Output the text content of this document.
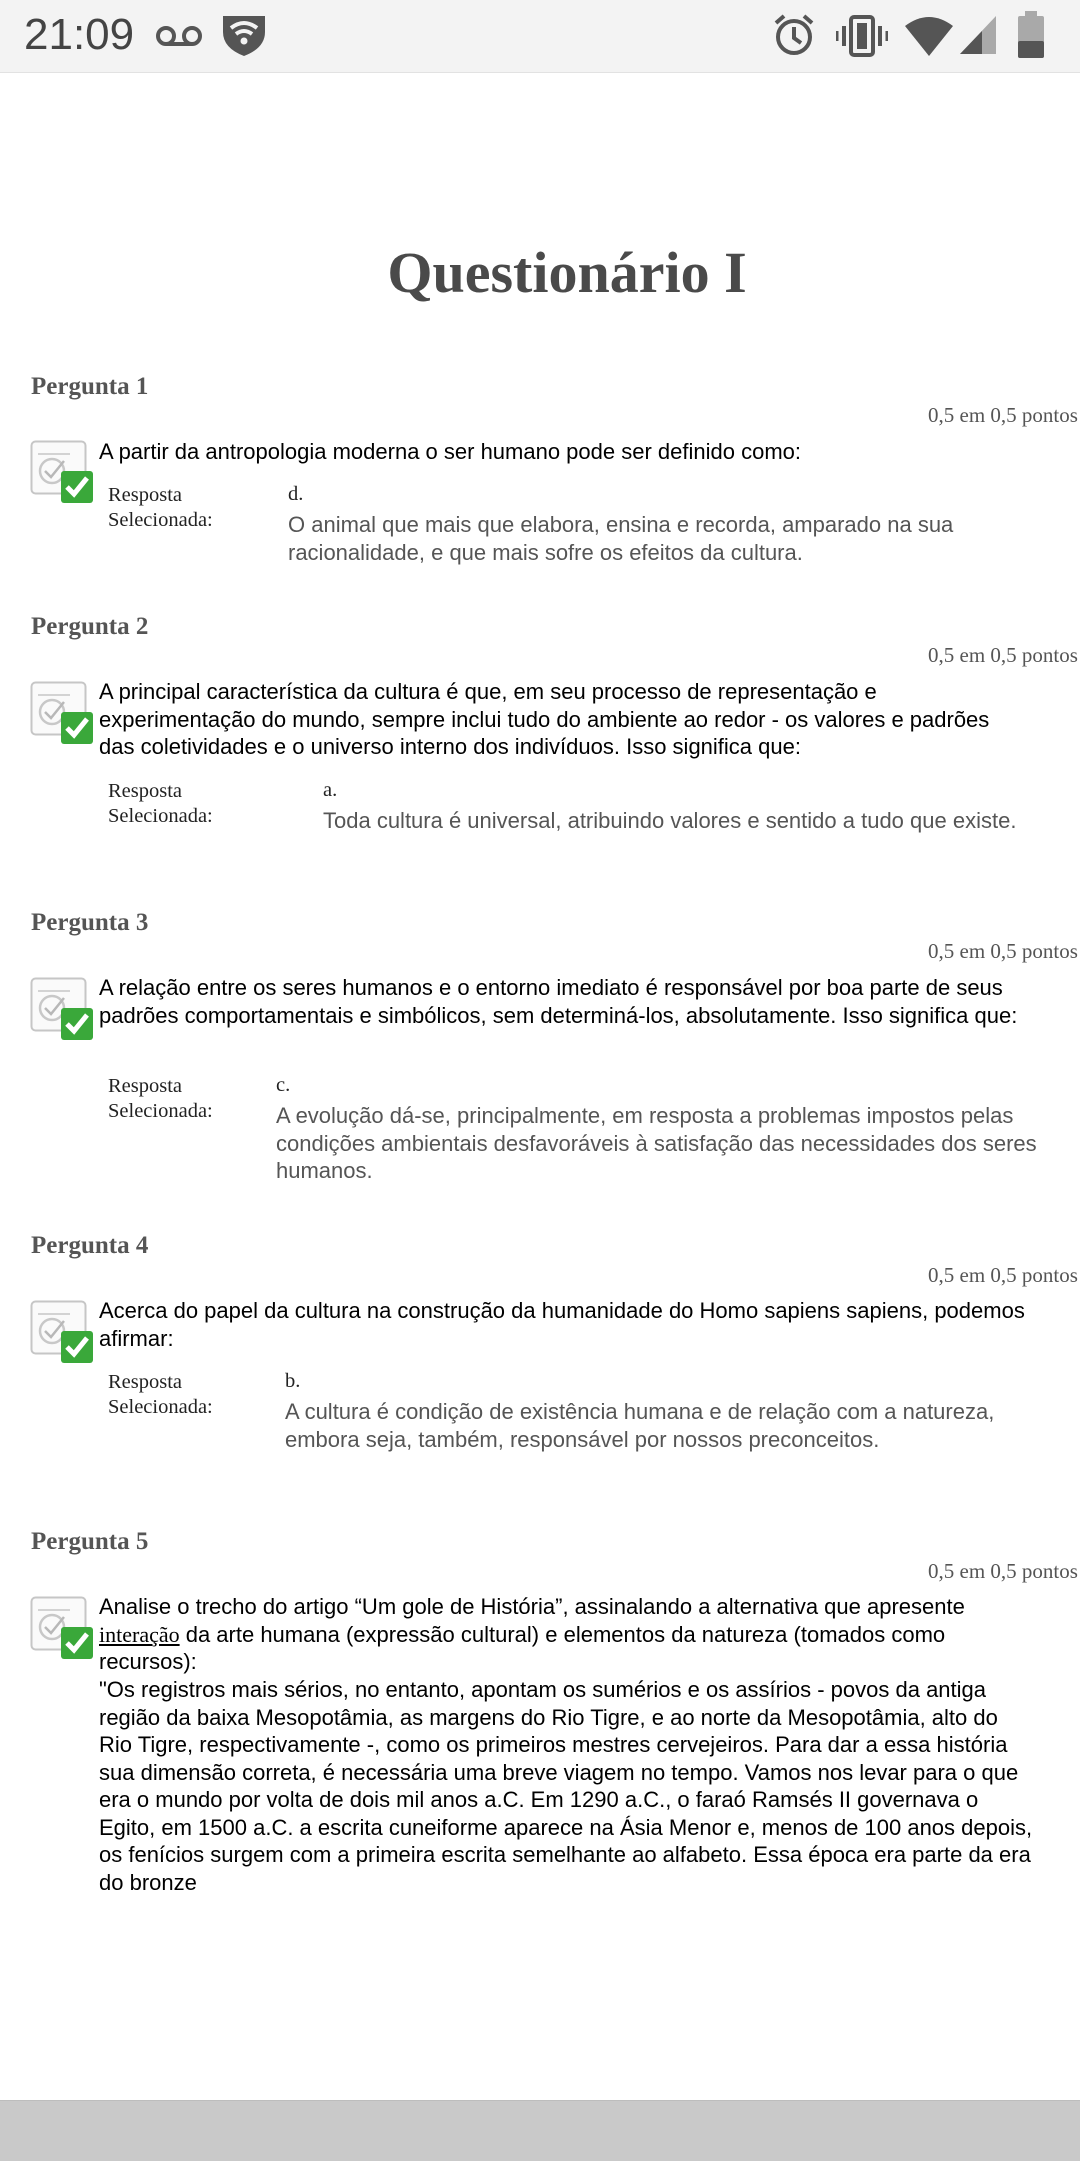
21:09
Questionário I
Pergunta 1
0,5 em 0,5 pontos
A partir da antropologia moderna o ser humano pode ser definido como:
Resposta
Selecionada:
d.
O animal que mais que elabora, ensina e recorda, amparado na sua racionalidade, e que mais sofre os efeitos da cultura.
Pergunta 2
0,5 em 0,5 pontos
A principal característica da cultura é que, em seu processo de representação e experimentação do mundo, sempre inclui tudo do ambiente ao redor - os valores e padrões das coletividades e o universo interno dos indivíduos. Isso significa que:
Resposta
Selecionada:
a.
Toda cultura é universal, atribuindo valores e sentido a tudo que existe.
Pergunta 3
0,5 em 0,5 pontos
A relação entre os seres humanos e o entorno imediato é responsável por boa parte de seus padrões comportamentais e simbólicos, sem determiná-los, absolutamente. Isso significa que:
Resposta
Selecionada:
c.
A evolução dá-se, principalmente, em resposta a problemas impostos pelas condições ambientais desfavoráveis à satisfação das necessidades dos seres humanos.
Pergunta 4
0,5 em 0,5 pontos
Acerca do papel da cultura na construção da humanidade do Homo sapiens sapiens, podemos afirmar:
Resposta
Selecionada:
b.
A cultura é condição de existência humana e de relação com a natureza, embora seja, também, responsável por nossos preconceitos.
Pergunta 5
0,5 em 0,5 pontos
Analise o trecho do artigo “Um gole de História”, assinalando a alternativa que apresente interação da arte humana (expressão cultural) e elementos da natureza (tomados como recursos):
"Os registros mais sérios, no entanto, apontam os sumérios e os assírios - povos da antiga região da baixa Mesopotâmia, as margens do Rio Tigre, e ao norte da Mesopotâmia, alto do Rio Tigre, respectivamente -, como os primeiros mestres cervejeiros. Para dar a essa história sua dimensão correta, é necessária uma breve viagem no tempo. Vamos nos levar para o que era o mundo por volta de dois mil anos a.C. Em 1290 a.C., o faraó Ramsés II governava o Egito, em 1500 a.C. a escrita cuneiforme aparece na Ásia Menor e, menos de 100 anos depois, os fenícios surgem com a primeira escrita semelhante ao alfabeto. Essa época era parte da era do bronze
